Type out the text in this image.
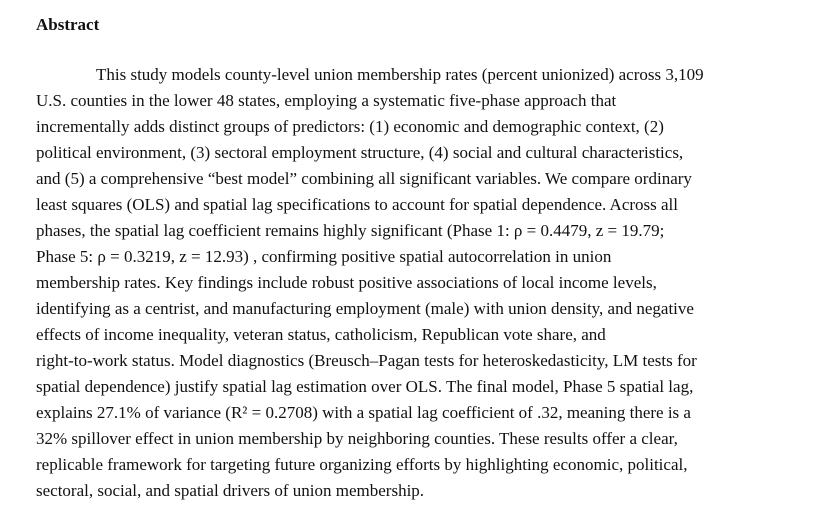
Abstract
This study models county-level union membership rates (percent unionized) across 3,109
U.S. counties in the lower 48 states, employing a systematic five-phase approach that
incrementally adds distinct groups of predictors: (1) economic and demographic context, (2)
political environment, (3) sectoral employment structure, (4) social and cultural characteristics,
and (5) a comprehensive “best model” combining all significant variables. We compare ordinary
least squares (OLS) and spatial lag specifications to account for spatial dependence. Across all
phases, the spatial lag coefficient remains highly significant (Phase 1: ρ = 0.4479, z = 19.79;
Phase 5: ρ = 0.3219, z = 12.93) , confirming positive spatial autocorrelation in union
membership rates. Key findings include robust positive associations of local income levels,
identifying as a centrist, and manufacturing employment (male) with union density, and negative
effects of income inequality, veteran status, catholicism, Republican vote share, and
right-to-work status. Model diagnostics (Breusch–Pagan tests for heteroskedasticity, LM tests for
spatial dependence) justify spatial lag estimation over OLS. The final model, Phase 5 spatial lag,
explains 27.1% of variance (R² = 0.2708) with a spatial lag coefficient of .32, meaning there is a
32% spillover effect in union membership by neighboring counties. These results offer a clear,
replicable framework for targeting future organizing efforts by highlighting economic, political,
sectoral, social, and spatial drivers of union membership.
